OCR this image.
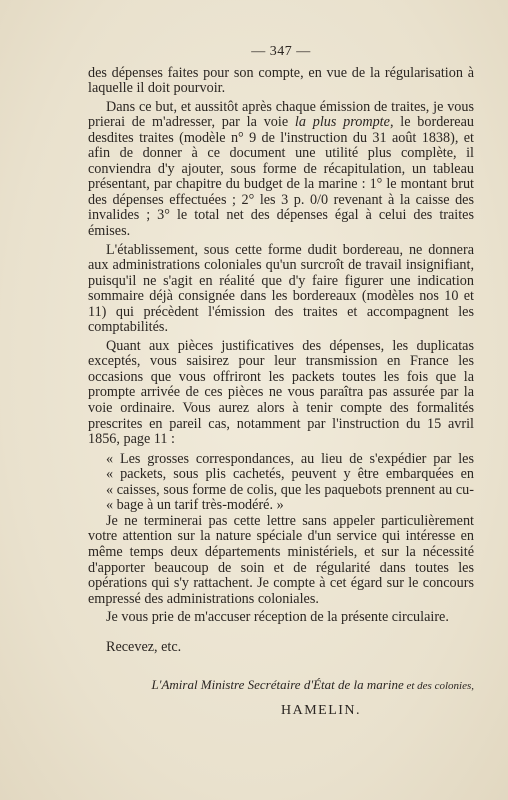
— 347 —

des dépenses faites pour son compte, en vue de la régularisation à laquelle il doit pourvoir.

Dans ce but, et aussitôt après chaque émission de traites, je vous prierai de m'adresser, par la voie la plus prompte, le bordereau desdites traites (modèle n° 9 de l'instruction du 31 août 1838), et afin de donner à ce document une utilité plus complète, il conviendra d'y ajouter, sous forme de récapitulation, un tableau présentant, par chapitre du budget de la marine : 1° le montant brut des dépenses effectuées ; 2° les 3 p. 0/0 revenant à la caisse des invalides ; 3° le total net des dépenses égal à celui des traites émises.

L'établissement, sous cette forme dudit bordereau, ne donnera aux administrations coloniales qu'un surcroît de travail insignifiant, puisqu'il ne s'agit en réalité que d'y faire figurer une indication sommaire déjà consignée dans les bordereaux (modèles nos 10 et 11) qui précèdent l'émission des traites et accompagnent les comptabilités.

Quant aux pièces justificatives des dépenses, les duplicatas exceptés, vous saisirez pour leur transmission en France les occasions que vous offriront les packets toutes les fois que la prompte arrivée de ces pièces ne vous paraîtra pas assurée par la voie ordinaire. Vous aurez alors à tenir compte des formalités prescrites en pareil cas, notamment par l'instruction du 15 avril 1856, page 11 :

« Les grosses correspondances, au lieu de s'expédier par les
« packets, sous plis cachetés, peuvent y être embarquées en
« caisses, sous forme de colis, que les paquebots prennent au cu-
« bage à un tarif très-modéré. »

Je ne terminerai pas cette lettre sans appeler particulièrement votre attention sur la nature spéciale d'un service qui intéresse en même temps deux départements ministériels, et sur la nécessité d'apporter beaucoup de soin et de régularité dans toutes les opérations qui s'y rattachent. Je compte à cet égard sur le concours empressé des administrations coloniales.

Je vous prie de m'accuser réception de la présente circulaire.

Recevez, etc.

L'Amiral Ministre Secrétaire d'État de la marine et des colonies,
HAMELIN.
